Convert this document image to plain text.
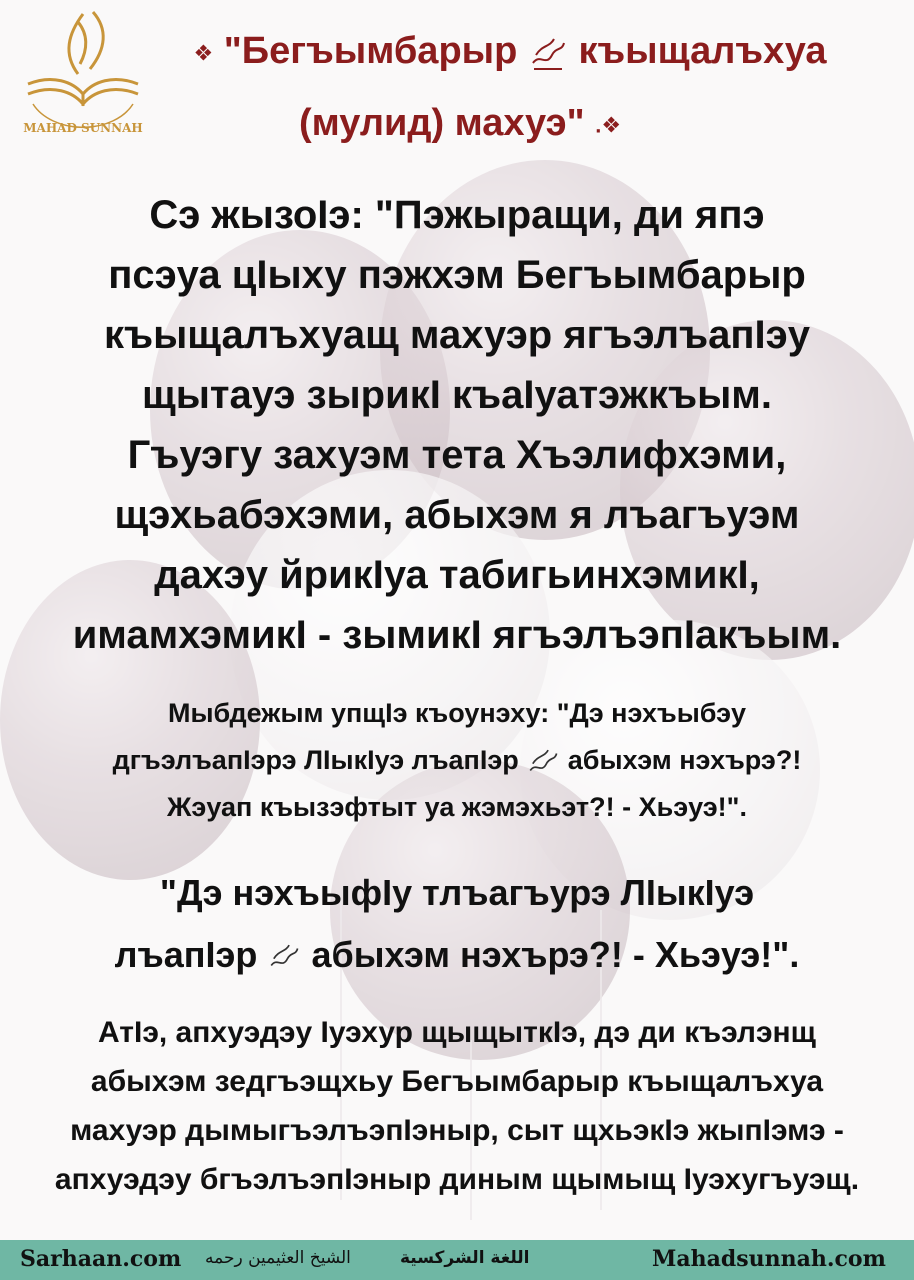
MAHAD SUNNAH
❖ "Бегъымбарыр къыщалъхуа
(мулид) махуэ" .❖

Сэ жызоIэ: "Пэжыращи, ди япэ

псэуа цIыху пэжхэм Бегъымбарыр

къыщалъхуащ махуэр ягъэлъапIэу

щытауэ зырикI къаIуатэжкъым.

Гъуэгу захуэм тета Хъэлифхэми,

щэхьабэхэми, абыхэм я лъагъуэм

дахэу йрикIуа табигьинхэмикI,

имамхэмикI - зымикI ягъэлъэпIакъым.

Мыбдежым упщIэ къоунэху: "Дэ нэхъыбэу

дгъэлъапIэрэ ЛIыкIуэ лъапIэр абыхэм нэхърэ?!

Жэуап къызэфтыт уа жэмэхьэт?! - Хьэуэ!".

"Дэ нэхъыфIу тлъагъурэ ЛIыкIуэ

лъапIэр абыхэм нэхърэ?! - Хьэуэ!".

АтIэ, апхуэдэу Iуэхур щыщыткIэ, дэ ди къэлэнщ

абыхэм зедгъэщхьу Бегъымбарыр къыщалъхуа

махуэр дымыгъэлъэпIэныр, сыт щхьэкIэ жыпIэмэ -

апхуэдэу бгъэлъэпIэныр диным щымыщ Iуэхугъуэщ.

Sarhaan.com الشيخ العثيمين رحمه	اللغة الشركسية	Mahadsunnah.com
